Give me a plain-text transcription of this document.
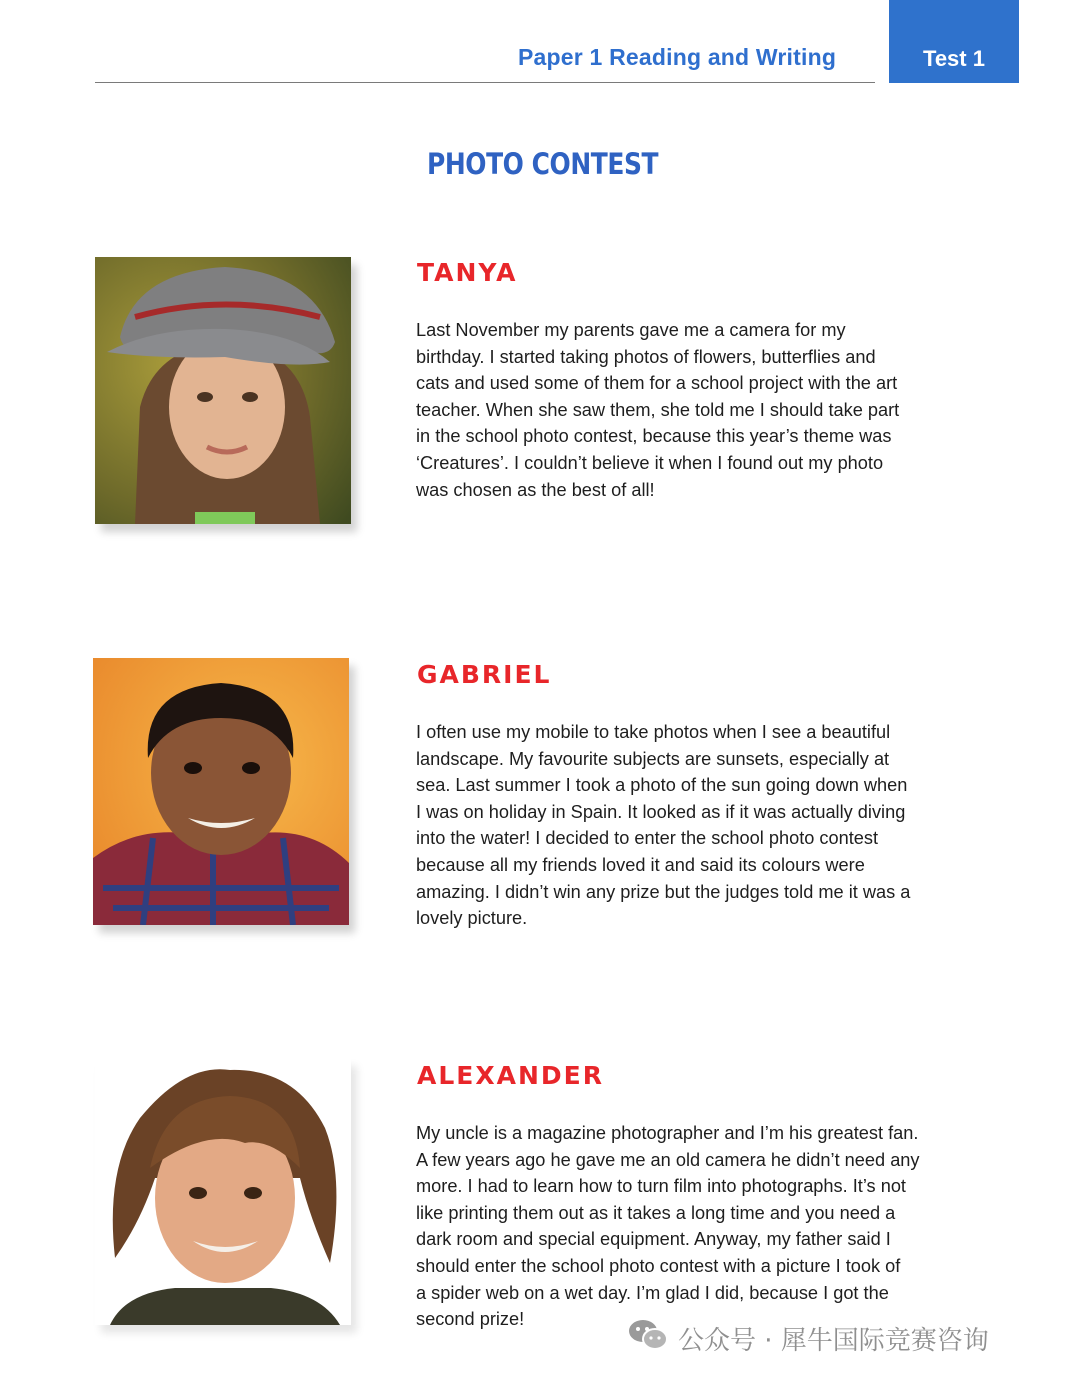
Paper 1 Reading and Writing	Test 1
PHOTO CONTEST
TANYA
Last November my parents gave me a camera for my
birthday. I started taking photos of flowers, butterflies and
cats and used some of them for a school project with the art
teacher. When she saw them, she told me I should take part
in the school photo contest, because this year’s theme was
‘Creatures’. I couldn’t believe it when I found out my photo
was chosen as the best of all!
GABRIEL
I often use my mobile to take photos when I see a beautiful
landscape. My favourite subjects are sunsets, especially at
sea. Last summer I took a photo of the sun going down when
I was on holiday in Spain. It looked as if it was actually diving
into the water! I decided to enter the school photo contest
because all my friends loved it and said its colours were
amazing. I didn’t win any prize but the judges told me it was a
lovely picture.
ALEXANDER
My uncle is a magazine photographer and I’m his greatest fan.
A few years ago he gave me an old camera he didn’t need any
more. I had to learn how to turn film into photographs. It’s not
like printing them out as it takes a long time and you need a
dark room and special equipment. Anyway, my father said I
should enter the school photo contest with a picture I took of
a spider web on a wet day. I’m glad I did, because I got the
second prize!
公众号 · 犀牛国际竞赛咨询
